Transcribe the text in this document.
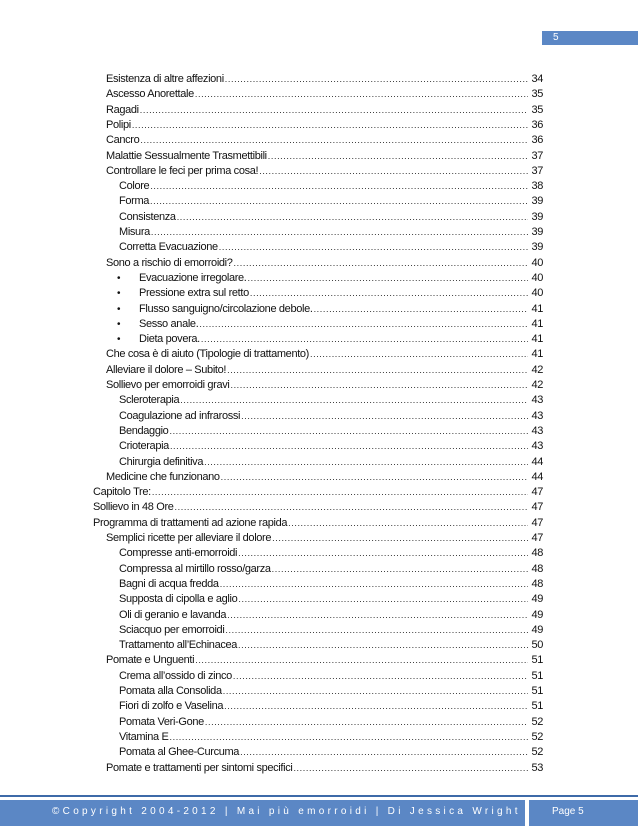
5
Esistenza di altre affezioni .....	34
Ascesso Anorettale .....	35
Ragadi .....	35
Polipi .....	36
Cancro .....	36
Malattie Sessualmente Trasmettibili .....	37
Controllare le feci per prima cosa! .....	37
Colore .....	38
Forma .....	39
Consistenza .....	39
Misura .....	39
Corretta Evacuazione .....	39
Sono a rischio di emorroidi? .....	40
•	Evacuazione irregolare. .....	40
•	Pressione extra sul retto .....	40
•	Flusso sanguigno/circolazione debole. .....	41
•	Sesso anale. .....	41
•	Dieta povera. .....	41
Che cosa è di aiuto (Tipologie di trattamento) .....	41
Alleviare il dolore – Subito! .....	42
Sollievo per emorroidi gravi .....	42
Scleroterapia .....	43
Coagulazione ad infrarossi .....	43
Bendaggio .....	43
Crioterapia .....	43
Chirurgia definitiva .....	44
Medicine che funzionano .....	44
Capitolo Tre: .....	47
Sollievo in 48 Ore .....	47
Programma di trattamenti ad azione rapida .....	47
Semplici ricette per alleviare il dolore .....	47
Compresse anti-emorroidi .....	48
Compressa al mirtillo rosso/garza .....	48
Bagni di acqua fredda .....	48
Supposta di cipolla e aglio .....	49
Oli di geranio e lavanda .....	49
Sciacquo per emorroidi .....	49
Trattamento all’Echinacea .....	50
Pomate e Unguenti .....	51
Crema all’ossido di zinco .....	51
Pomata alla Consolida .....	51
Fiori di zolfo e Vaselina .....	51
Pomata Veri-Gone .....	52
Vitamina E .....	52
Pomata al Ghee-Curcuma .....	52
Pomate e trattamenti per sintomi specifici .....	53
©Copyright 2004-2012 | Mai più emorroidi | Di Jessica Wright	Page 5
